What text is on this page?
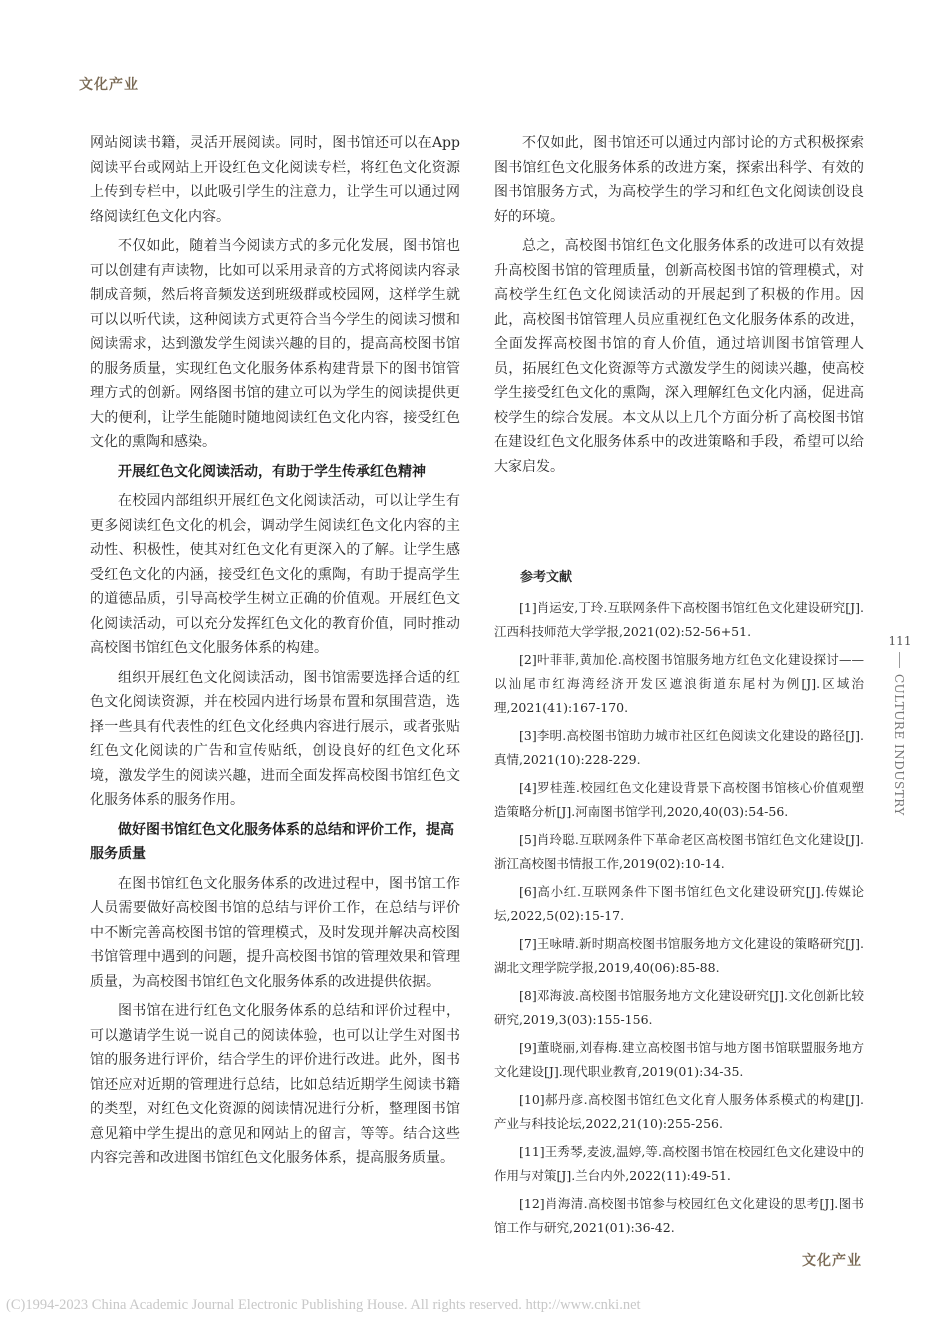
文化产业

网站阅读书籍，灵活开展阅读。同时，图书馆还可以在App阅读平台或网站上开设红色文化阅读专栏，将红色文化资源上传到专栏中，以此吸引学生的注意力，让学生可以通过网络阅读红色文化内容。

不仅如此，随着当今阅读方式的多元化发展，图书馆也可以创建有声读物，比如可以采用录音的方式将阅读内容录制成音频，然后将音频发送到班级群或校园网，这样学生就可以以听代读，这种阅读方式更符合当今学生的阅读习惯和阅读需求，达到激发学生阅读兴趣的目的，提高高校图书馆的服务质量，实现红色文化服务体系构建背景下的图书馆管理方式的创新。网络图书馆的建立可以为学生的阅读提供更大的便利，让学生能随时随地阅读红色文化内容，接受红色文化的熏陶和感染。

开展红色文化阅读活动，有助于学生传承红色精神

在校园内部组织开展红色文化阅读活动，可以让学生有更多阅读红色文化的机会，调动学生阅读红色文化内容的主动性、积极性，使其对红色文化有更深入的了解。让学生感受红色文化的内涵，接受红色文化的熏陶，有助于提高学生的道德品质，引导高校学生树立正确的价值观。开展红色文化阅读活动，可以充分发挥红色文化的教育价值，同时推动高校图书馆红色文化服务体系的构建。

组织开展红色文化阅读活动，图书馆需要选择合适的红色文化阅读资源，并在校园内进行场景布置和氛围营造，选择一些具有代表性的红色文化经典内容进行展示，或者张贴红色文化阅读的广告和宣传贴纸，创设良好的红色文化环境，激发学生的阅读兴趣，进而全面发挥高校图书馆红色文化服务体系的服务作用。

做好图书馆红色文化服务体系的总结和评价工作，提高服务质量

在图书馆红色文化服务体系的改进过程中，图书馆工作人员需要做好高校图书馆的总结与评价工作，在总结与评价中不断完善高校图书馆的管理模式，及时发现并解决高校图书馆管理中遇到的问题，提升高校图书馆的管理效果和管理质量，为高校图书馆红色文化服务体系的改进提供依据。

图书馆在进行红色文化服务体系的总结和评价过程中，可以邀请学生说一说自己的阅读体验，也可以让学生对图书馆的服务进行评价，结合学生的评价进行改进。此外，图书馆还应对近期的管理进行总结，比如总结近期学生阅读书籍的类型，对红色文化资源的阅读情况进行分析，整理图书馆意见箱中学生提出的意见和网站上的留言，等等。结合这些内容完善和改进图书馆红色文化服务体系，提高服务质量。

不仅如此，图书馆还可以通过内部讨论的方式积极探索图书馆红色文化服务体系的改进方案，探索出科学、有效的图书馆服务方式，为高校学生的学习和红色文化阅读创设良好的环境。

总之，高校图书馆红色文化服务体系的改进可以有效提升高校图书馆的管理质量，创新高校图书馆的管理模式，对高校学生红色文化阅读活动的开展起到了积极的作用。因此，高校图书馆管理人员应重视红色文化服务体系的改进，全面发挥高校图书馆的育人价值，通过培训图书馆管理人员，拓展红色文化资源等方式激发学生的阅读兴趣，使高校学生接受红色文化的熏陶，深入理解红色文化内涵，促进高校学生的综合发展。本文从以上几个方面分析了高校图书馆在建设红色文化服务体系中的改进策略和手段，希望可以给大家启发。

参考文献

[1]肖运安,丁玲.互联网条件下高校图书馆红色文化建设研究[J].江西科技师范大学学报,2021(02):52-56+51.

[2]叶菲菲,黄加伦.高校图书馆服务地方红色文化建设探讨——以汕尾市红海湾经济开发区遮浪街道东尾村为例[J].区域治理,2021(41):167-170.

[3]李明.高校图书馆助力城市社区红色阅读文化建设的路径[J].真情,2021(10):228-229.

[4]罗桂莲.校园红色文化建设背景下高校图书馆核心价值观塑造策略分析[J].河南图书馆学刊,2020,40(03):54-56.

[5]肖玲聪.互联网条件下革命老区高校图书馆红色文化建设[J]. 浙江高校图书情报工作,2019(02):10-14.

[6]高小红.互联网条件下图书馆红色文化建设研究[J].传媒论坛,2022,5(02):15-17.

[7]王咏晴.新时期高校图书馆服务地方文化建设的策略研究[J].湖北文理学院学报,2019,40(06):85-88.

[8]邓海波.高校图书馆服务地方文化建设研究[J].文化创新比较研究,2019,3(03):155-156.

[9]董晓丽,刘春梅.建立高校图书馆与地方图书馆联盟服务地方文化建设[J].现代职业教育,2019(01):34-35.

[10]郝丹彦.高校图书馆红色文化育人服务体系模式的构建[J].产业与科技论坛,2022,21(10):255-256.

[11]王秀琴,麦波,温婷,等.高校图书馆在校园红色文化建设中的作用与对策[J].兰台内外,2022(11):49-51.

[12]肖海清.高校图书馆参与校园红色文化建设的思考[J].图书馆工作与研究,2021(01):36-42.

111
CULTURE INDUSTRY
文化产业
(C)1994-2023 China Academic Journal Electronic Publishing House. All rights reserved. http://www.cnki.net
